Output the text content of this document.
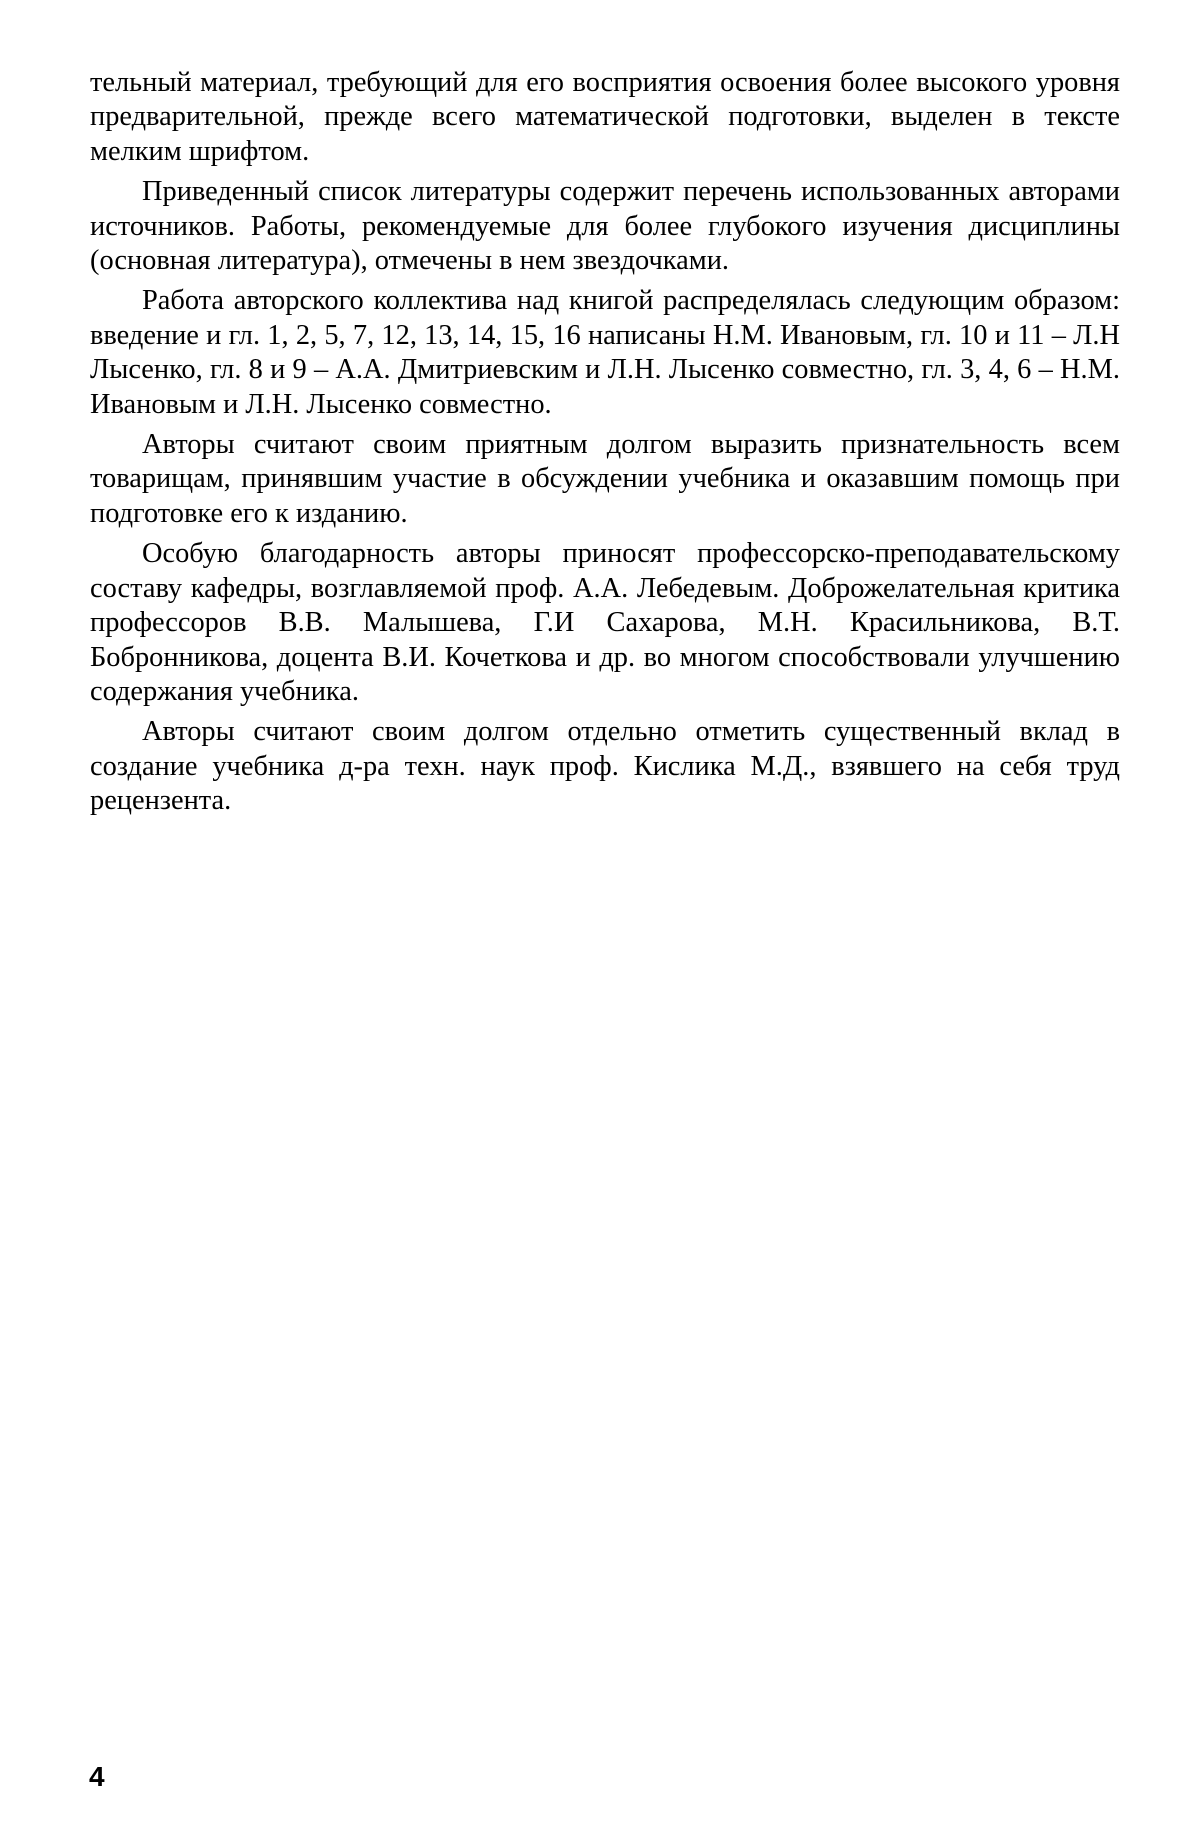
тельный материал, требующий для его восприятия освоения более высокого уровня предварительной, прежде всего математической подготовки, выделен в тексте мелким шрифтом.

Приведенный список литературы содержит перечень использованных авторами источников. Работы, рекомендуемые для более глубокого изучения дисциплины (основная литература), отмечены в нем звездочками.

Работа авторского коллектива над книгой распределялась следующим образом: введение и гл. 1, 2, 5, 7, 12, 13, 14, 15, 16 написаны Н.М. Ивановым, гл. 10 и 11 – Л.Н Лысенко, гл. 8 и 9 – А.А. Дмитриевским и Л.Н. Лысенко совместно, гл. 3, 4, 6 – Н.М. Ивановым и Л.Н. Лысенко совместно.

Авторы считают своим приятным долгом выразить признательность всем товарищам, принявшим участие в обсуждении учебника и оказавшим помощь при подготовке его к изданию.

Особую благодарность авторы приносят профессорско-преподавательскому составу кафедры, возглавляемой проф. А.А. Лебедевым. Доброжелательная критика профессоров В.В. Малышева, Г.И Сахарова, М.Н. Красильникова, В.Т. Бобронникова, доцента В.И. Кочеткова и др. во многом способствовали улучшению содержания учебника.

Авторы считают своим долгом отдельно отметить существенный вклад в создание учебника д-ра техн. наук проф. Кислика М.Д., взявшего на себя труд рецензента.

4
